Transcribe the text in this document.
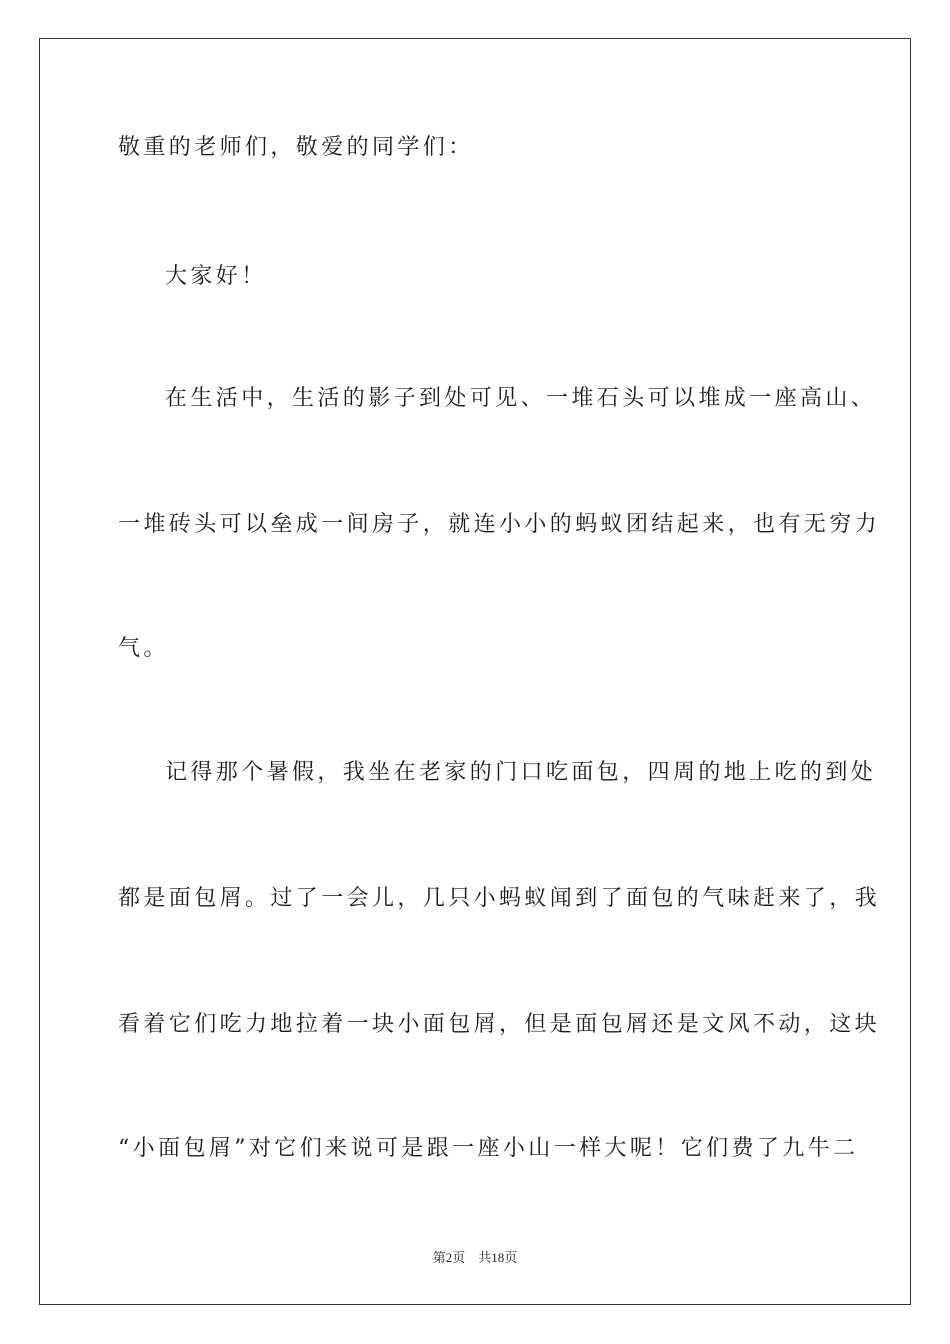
敬重的老师们，敬爱的同学们：
大家好！
在生活中，生活的影子到处可见、一堆石头可以堆成一座高山、
一堆砖头可以垒成一间房子，就连小小的蚂蚁团结起来，也有无穷力
气。
记得那个暑假，我坐在老家的门口吃面包，四周的地上吃的到处
都是面包屑。过了一会儿，几只小蚂蚁闻到了面包的气味赶来了，我
看着它们吃力地拉着一块小面包屑，但是面包屑还是文风不动，这块
“小面包屑”对它们来说可是跟一座小山一样大呢！它们费了九牛二
第2页 共18页
